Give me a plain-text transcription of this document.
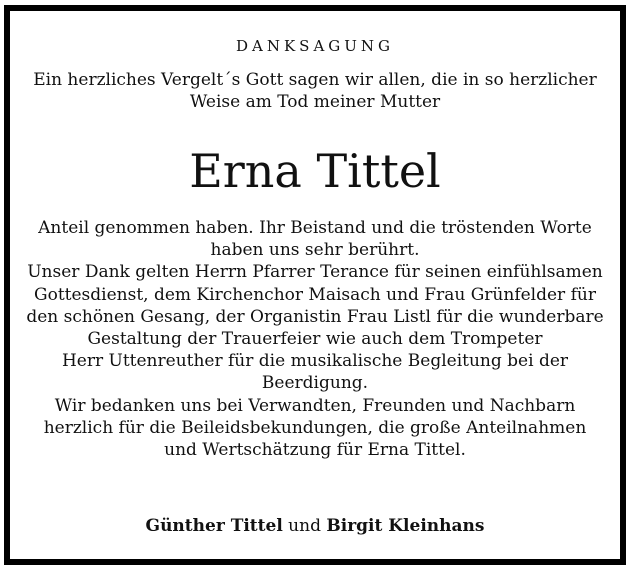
DANKSAGUNG
Ein herzliches Vergelt´s Gott sagen wir allen, die in so herzlicher
Weise am Tod meiner Mutter
Erna Tittel
Anteil genommen haben. Ihr Beistand und die tröstenden Worte
haben uns sehr berührt.
Unser Dank gelten Herrn Pfarrer Terance für seinen einfühlsamen
Gottesdienst, dem Kirchenchor Maisach und Frau Grünfelder für
den schönen Gesang, der Organistin Frau Listl für die wunderbare
Gestaltung der Trauerfeier wie auch dem Trompeter
Herr Uttenreuther für die musikalische Begleitung bei der
Beerdigung.
Wir bedanken uns bei Verwandten, Freunden und Nachbarn
herzlich für die Beileidsbekundungen, die große Anteilnahmen
und Wertschätzung für Erna Tittel.
Günther Tittel und Birgit Kleinhans
